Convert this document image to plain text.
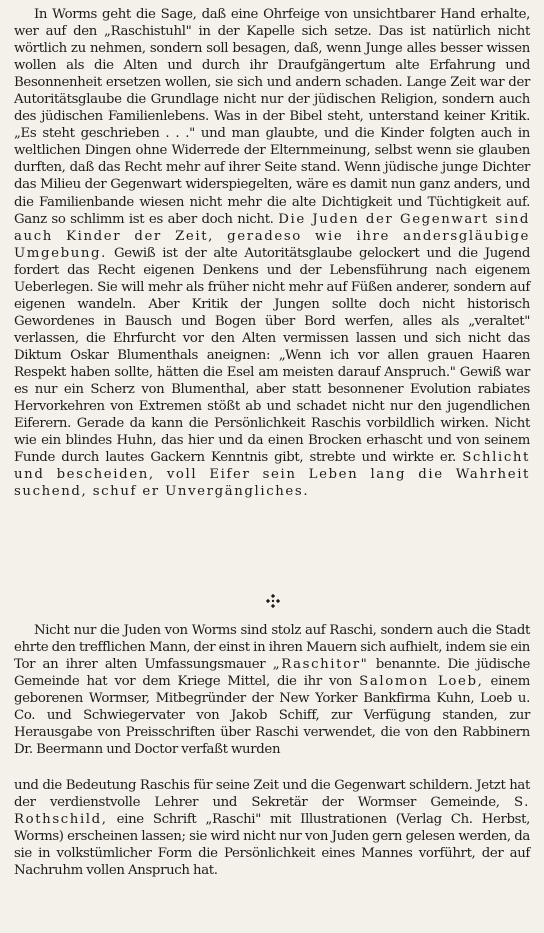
In Worms geht die Sage, daß eine Ohrfeige von unsichtbarer Hand erhalte, wer auf den „Raschistuhl" in der Kapelle sich setze. Das ist natürlich nicht wörtlich zu nehmen, sondern soll besagen, daß, wenn Junge alles besser wissen wollen als die Alten und durch ihr Draufgängertum alte Erfahrung und Besonnenheit ersetzen wollen, sie sich und andern schaden. Lange Zeit war der Autoritätsglaube die Grundlage nicht nur der jüdischen Religion, sondern auch des jüdischen Familienlebens. Was in der Bibel steht, unterstand keiner Kritik. „Es steht geschrieben . . ." und man glaubte, und die Kinder folgten auch in weltlichen Dingen ohne Widerrede der Elternmeinung, selbst wenn sie glauben durften, daß das Recht mehr auf ihrer Seite stand. Wenn jüdische junge Dichter das Milieu der Gegenwart widerspiegelten, wäre es damit nun ganz anders, und die Familienbande wiesen nicht mehr die alte Dichtigkeit und Tüchtigkeit auf. Ganz so schlimm ist es aber doch nicht. Die Juden der Gegenwart sind auch Kinder der Zeit, geradeso wie ihre andersgläubige Umgebung. Gewiß ist der alte Autoritätsglaube gelockert und die Jugend fordert das Recht eigenen Denkens und der Lebensführung nach eigenem Ueberlegen. Sie will mehr als früher nicht mehr auf Füßen anderer, sondern auf eigenen wandeln. Aber Kritik der Jungen sollte doch nicht historisch Gewordenes in Bausch und Bogen über Bord werfen, alles als „veraltet" verlassen, die Ehrfurcht vor den Alten vermissen lassen und sich nicht das Diktum Oskar Blumenthals aneignen: „Wenn ich vor allen grauen Haaren Respekt haben sollte, hätten die Esel am meisten darauf Anspruch." Gewiß war es nur ein Scherz von Blumenthal, aber statt besonnener Evolution rabiates Hervorkehren von Extremen stößt ab und schadet nicht nur den jugendlichen Eiferern. Gerade da kann die Persönlichkeit Raschis vorbildlich wirken. Nicht wie ein blindes Huhn, das hier und da einen Brocken erhascht und von seinem Funde durch lautes Gackern Kenntnis gibt, strebte und wirkte er. Schlicht und bescheiden, voll Eifer sein Leben lang die Wahrheit suchend, schuf er Unvergängliches.

Nicht nur die Juden von Worms sind stolz auf Raschi, sondern auch die Stadt ehrte den trefflichen Mann, der einst in ihren Mauern sich aufhielt, indem sie ein Tor an ihrer alten Umfassungsmauer „Raschitor" benannte. Die jüdische Gemeinde hat vor dem Kriege Mittel, die ihr von Salomon Loeb, einem geborenen Wormser, Mitbegründer der New Yorker Bankfirma Kuhn, Loeb u. Co. und Schwiegervater von Jakob Schiff, zur Verfügung standen, zur Herausgabe von Preisschriften über Raschi verwendet, die von den Rabbinern Dr. Beermann und Doctor verfaßt wurden

und die Bedeutung Raschis für seine Zeit und die Gegenwart schildern. Jetzt hat der verdienstvolle Lehrer und Sekretär der Wormser Gemeinde, S. Rothschild, eine Schrift „Raschi" mit Illustrationen (Verlag Ch. Herbst, Worms) erscheinen lassen; sie wird nicht nur von Juden gern gelesen werden, da sie in volkstümlicher Form die Persönlichkeit eines Mannes vorführt, der auf Nachruhm vollen Anspruch hat.
